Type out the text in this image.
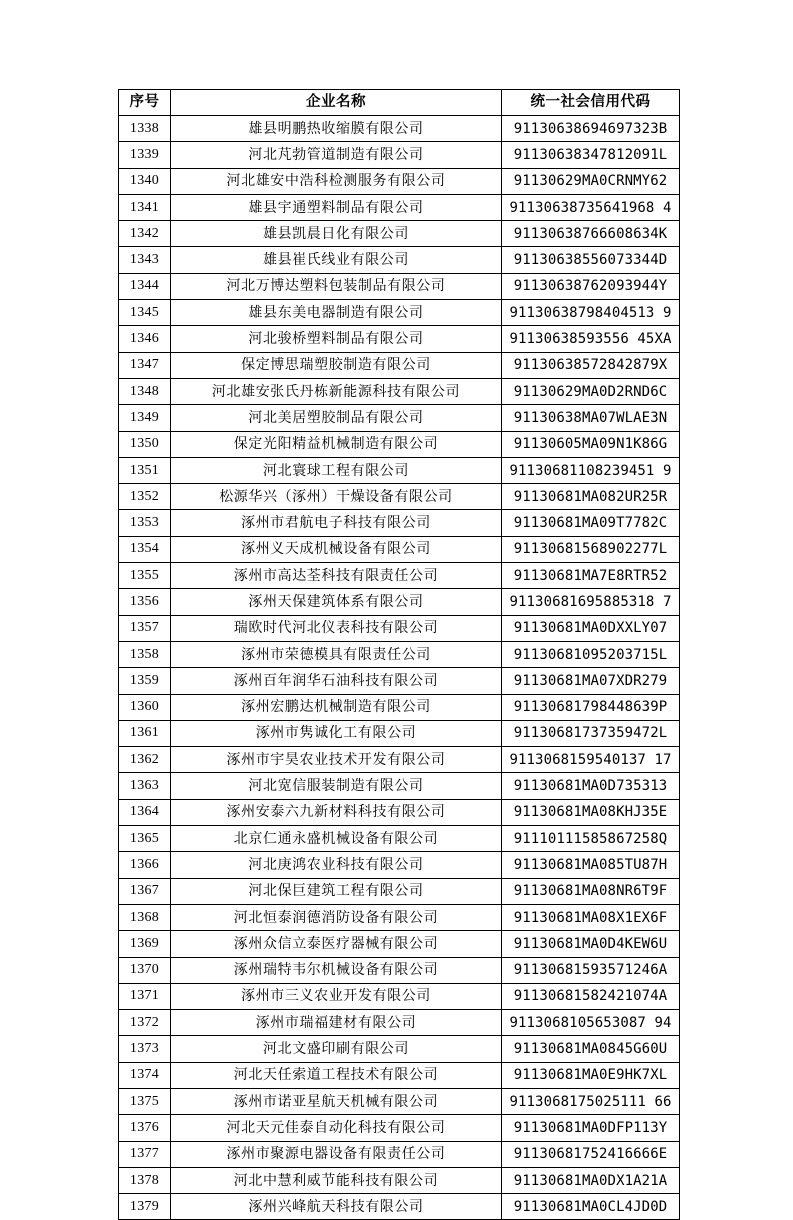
序号	企业名称	统一社会信用代码
1338	雄县明鹏热收缩膜有限公司	91130638694697323B
1339	河北芃勃管道制造有限公司	91130638347812091L
1340	河北雄安中浩科检测服务有限公司	91130629MA0CRNMY62
1341	雄县宇通塑料制品有限公司	91130638735641968 4
1342	雄县凯晨日化有限公司	91130638766608634K
1343	雄县崔氏线业有限公司	91130638556073344D
1344	河北万博达塑料包装制品有限公司	91130638762093944Y
1345	雄县东美电器制造有限公司	91130638798404513 9
1346	河北骏桥塑料制品有限公司	91130638593556 45XA
1347	保定博思瑞塑胶制造有限公司	91130638572842879X
1348	河北雄安张氏丹栋新能源科技有限公司	91130629MA0D2RND6C
1349	河北美居塑胶制品有限公司	91130638MA07WLAE3N
1350	保定光阳精益机械制造有限公司	91130605MA09N1K86G
1351	河北寰球工程有限公司	91130681108239451 9
1352	松源华兴（涿州）干燥设备有限公司	91130681MA082UR25R
1353	涿州市君航电子科技有限公司	91130681MA09T7782C
1354	涿州义天成机械设备有限公司	91130681568902277L
1355	涿州市高达荃科技有限责任公司	91130681MA7E8RTR52
1356	涿州天保建筑体系有限公司	91130681695885318 7
1357	瑞欧时代河北仪表科技有限公司	91130681MA0DXXLY07
1358	涿州市荣德模具有限责任公司	91130681095203715L
1359	涿州百年润华石油科技有限公司	91130681MA07XDR279
1360	涿州宏鹏达机械制造有限公司	91130681798448639P
1361	涿州市隽诚化工有限公司	91130681737359472L
1362	涿州市宇昊农业技术开发有限公司	9113068159540137 17
1363	河北宽信服装制造有限公司	91130681MA0D735313
1364	涿州安泰六九新材料科技有限公司	91130681MA08KHJ35E
1365	北京仁通永盛机械设备有限公司	91110111585867258Q
1366	河北庚鸿农业科技有限公司	91130681MA085TU87H
1367	河北保巨建筑工程有限公司	91130681MA08NR6T9F
1368	河北恒泰润德消防设备有限公司	91130681MA08X1EX6F
1369	涿州众信立泰医疗器械有限公司	91130681MA0D4KEW6U
1370	涿州瑞特韦尔机械设备有限公司	91130681593571246A
1371	涿州市三义农业开发有限公司	91130681582421074A
1372	涿州市瑞福建材有限公司	9113068105653087 94
1373	河北文盛印刷有限公司	91130681MA0845G60U
1374	河北天任索道工程技术有限公司	91130681MA0E9HK7XL
1375	涿州市诺亚星航天机械有限公司	9113068175025111 66
1376	河北天元佳泰自动化科技有限公司	91130681MA0DFP113Y
1377	涿州市聚源电器设备有限责任公司	91130681752416666E
1378	河北中慧利威节能科技有限公司	91130681MA0DX1A21A
1379	涿州兴峰航天科技有限公司	91130681MA0CL4JD0D
